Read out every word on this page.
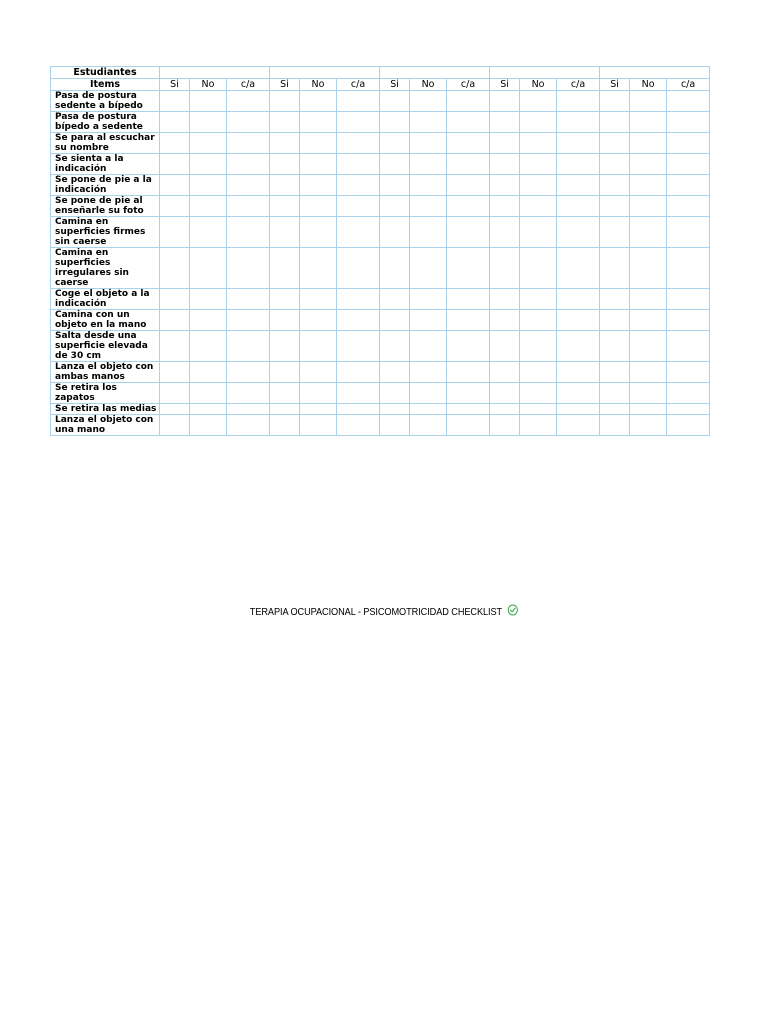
Estudiantes															
Items	Si	No	c/a	Si	No	c/a	Si	No	c/a	Si	No	c/a	Si	No	c/a
Pasa de postura sedente a bípedo															
Pasa de postura bípedo a sedente															
Se para al escuchar su nombre															
Se sienta a la indicación															
Se pone de pie a la indicación															
Se pone de pie al enseñarle su foto															
Camina en superficies firmes sin caerse															
Camina en superficies irregulares sin caerse															
Coge el objeto a la indicación															
Camina con un objeto en la mano															
Salta desde una superficie elevada de 30 cm															
Lanza el objeto con ambas manos															
Se retira los zapatos															
Se retira las medias															
Lanza el objeto con una mano															
TERAPIA OCUPACIONAL - PSICOMOTRICIDAD CHECKLIST
